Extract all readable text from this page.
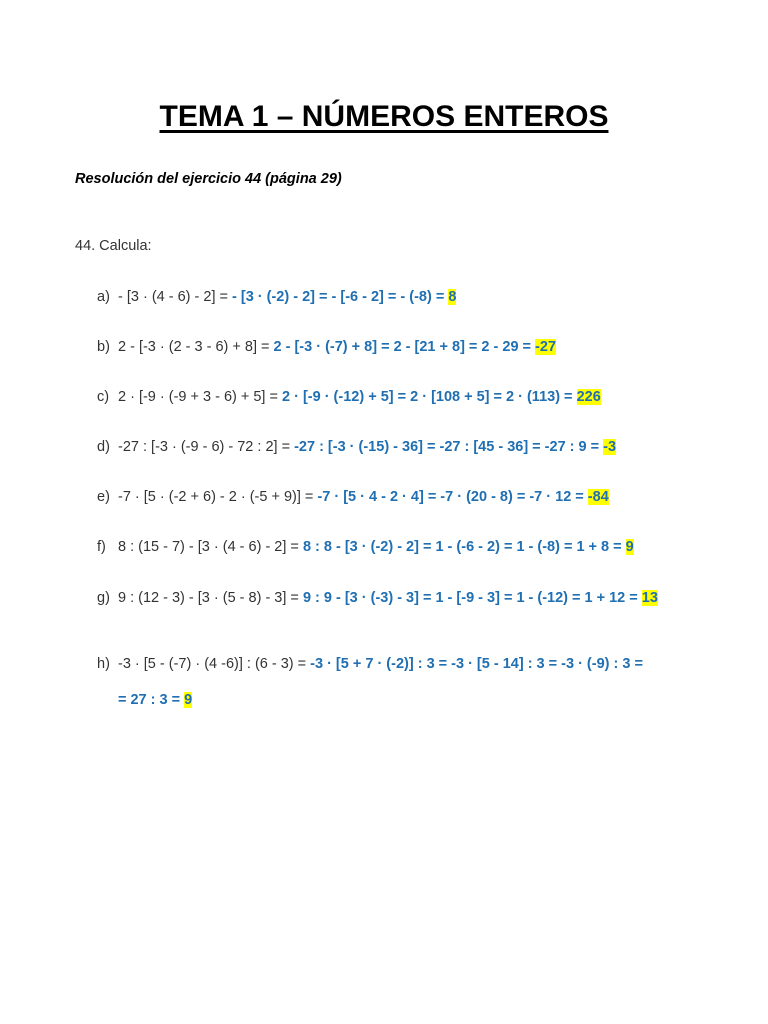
TEMA 1 – NÚMEROS ENTEROS

Resolución del ejercicio 44 (página 29)

44. Calcula:

a) - [3 · (4 - 6) - 2] = - [3 · (-2) - 2] = - [-6 - 2] = - (-8) = 8
b) 2 - [-3 · (2 - 3 - 6) + 8] = 2 - [-3 · (-7) + 8] = 2 - [21 + 8] = 2 - 29 = -27
c) 2 · [-9 · (-9 + 3 - 6) + 5] = 2 · [-9 · (-12) + 5] = 2 · [108 + 5] = 2 · (113) = 226
d) -27 : [-3 · (-9 - 6) - 72 : 2] = -27 : [-3 · (-15) - 36] = -27 : [45 - 36] = -27 : 9 = -3
e) -7 · [5 · (-2 + 6) - 2 · (-5 + 9)] = -7 · [5 · 4 - 2 · 4] = -7 · (20 - 8) = -7 · 12 = -84
f) 8 : (15 - 7) - [3 · (4 - 6) - 2] = 8 : 8 - [3 · (-2) - 2] = 1 - (-6 - 2) = 1 - (-8) = 1 + 8 = 9
g) 9 : (12 - 3) - [3 · (5 - 8) - 3] = 9 : 9 - [3 · (-3) - 3] = 1 - [-9 - 3] = 1 - (-12) = 1 + 12 = 13
h) -3 · [5 - (-7) · (4 -6)] : (6 - 3) = -3 · [5 + 7 · (-2)] : 3 = -3 · [5 - 14] : 3 = -3 · (-9) : 3 =
= 27 : 3 = 9
